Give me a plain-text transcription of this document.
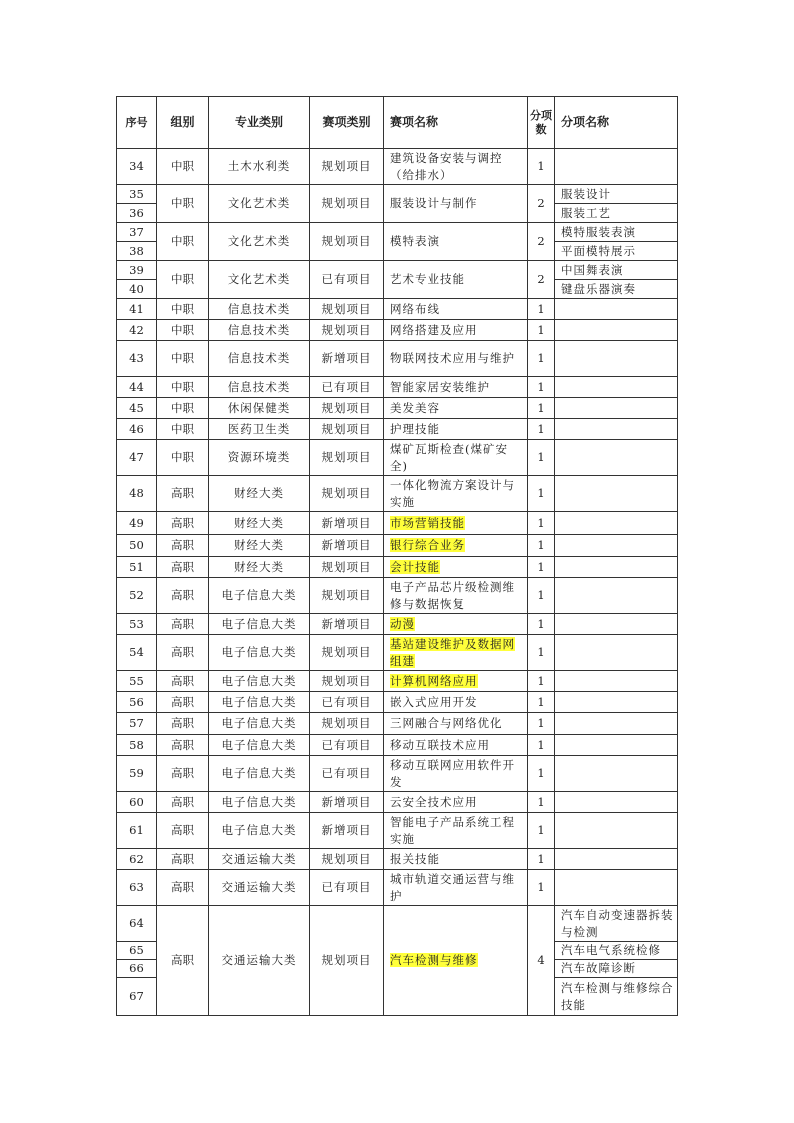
序号	组别	专业类别	赛项类别	赛项名称	分项数	分项名称
34	中职	土木水利类	规划项目	建筑设备安装与调控（给排水）	1	
35	中职	文化艺术类	规划项目	服装设计与制作	2	服装设计
36						服装工艺
37	中职	文化艺术类	规划项目	模特表演	2	模特服装表演
38						平面模特展示
39	中职	文化艺术类	已有项目	艺术专业技能	2	中国舞表演
40						键盘乐器演奏
41	中职	信息技术类	规划项目	网络布线	1	
42	中职	信息技术类	规划项目	网络搭建及应用	1	
43	中职	信息技术类	新增项目	物联网技术应用与维护	1	
44	中职	信息技术类	已有项目	智能家居安装维护	1	
45	中职	休闲保健类	规划项目	美发美容	1	
46	中职	医药卫生类	规划项目	护理技能	1	
47	中职	资源环境类	规划项目	煤矿瓦斯检查(煤矿安全)	1	
48	高职	财经大类	规划项目	一体化物流方案设计与实施	1	
49	高职	财经大类	新增项目	市场营销技能	1	
50	高职	财经大类	新增项目	银行综合业务	1	
51	高职	财经大类	规划项目	会计技能	1	
52	高职	电子信息大类	规划项目	电子产品芯片级检测维修与数据恢复	1	
53	高职	电子信息大类	新增项目	动漫	1	
54	高职	电子信息大类	规划项目	基站建设维护及数据网组建	1	
55	高职	电子信息大类	规划项目	计算机网络应用	1	
56	高职	电子信息大类	已有项目	嵌入式应用开发	1	
57	高职	电子信息大类	规划项目	三网融合与网络优化	1	
58	高职	电子信息大类	已有项目	移动互联技术应用	1	
59	高职	电子信息大类	已有项目	移动互联网应用软件开发	1	
60	高职	电子信息大类	新增项目	云安全技术应用	1	
61	高职	电子信息大类	新增项目	智能电子产品系统工程实施	1	
62	高职	交通运输大类	规划项目	报关技能	1	
63	高职	交通运输大类	已有项目	城市轨道交通运营与维护	1	
64	高职	交通运输大类	规划项目	汽车检测与维修	4	汽车自动变速器拆装与检测
65						汽车电气系统检修
66						汽车故障诊断
67						汽车检测与维修综合技能
